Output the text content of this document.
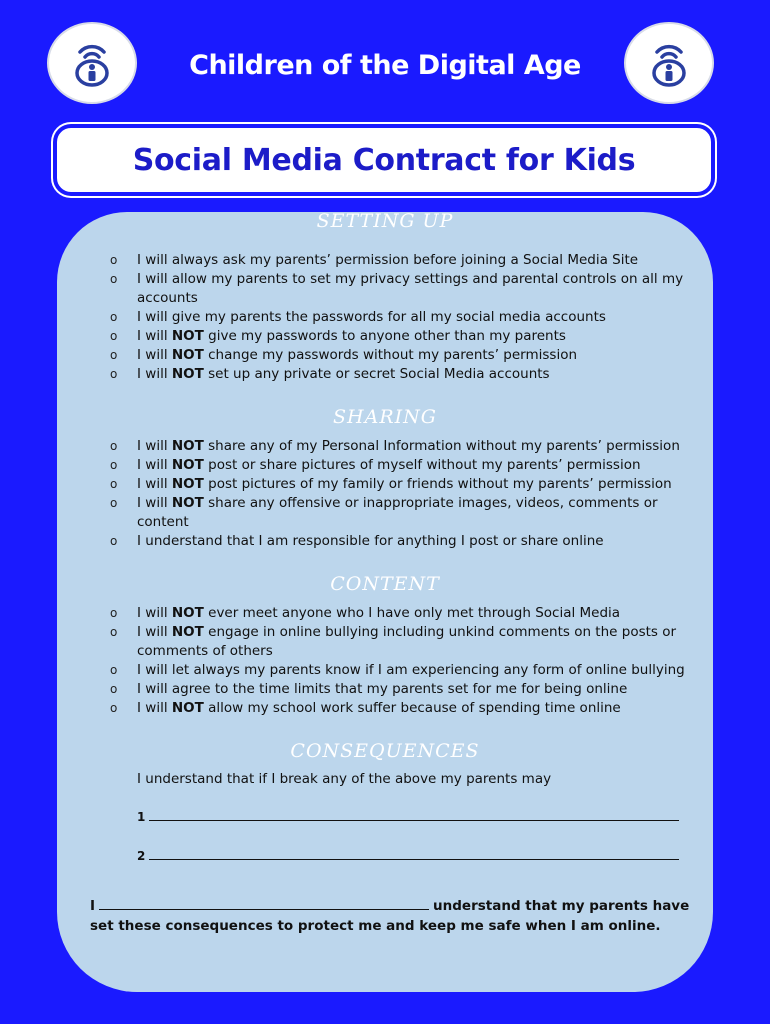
Children of the Digital Age
Social Media Contract for Kids
SETTING UP
o I will always ask my parents’ permission before joining a Social Media Site
o I will allow my parents to set my privacy settings and parental controls on all my accounts
o I will give my parents the passwords for all my social media accounts
o I will NOT give my passwords to anyone other than my parents
o I will NOT change my passwords without my parents’ permission
o I will NOT set up any private or secret Social Media accounts
SHARING
o I will NOT share any of my Personal Information without my parents’ permission
o I will NOT post or share pictures of myself without my parents’ permission
o I will NOT post pictures of my family or friends without my parents’ permission
o I will NOT share any offensive or inappropriate images, videos, comments or content
o I understand that I am responsible for anything I post or share online
CONTENT
o I will NOT ever meet anyone who I have only met through Social Media
o I will NOT engage in online bullying including unkind comments on the posts or comments of others
o I will let always my parents know if I am experiencing any form of online bullying
o I will agree to the time limits that my parents set for me for being online
o I will NOT allow my school work suffer because of spending time online
CONSEQUENCES
I understand that if I break any of the above my parents may
1
2
I	understand that my parents have set these consequences to protect me and keep me safe when I am online.
